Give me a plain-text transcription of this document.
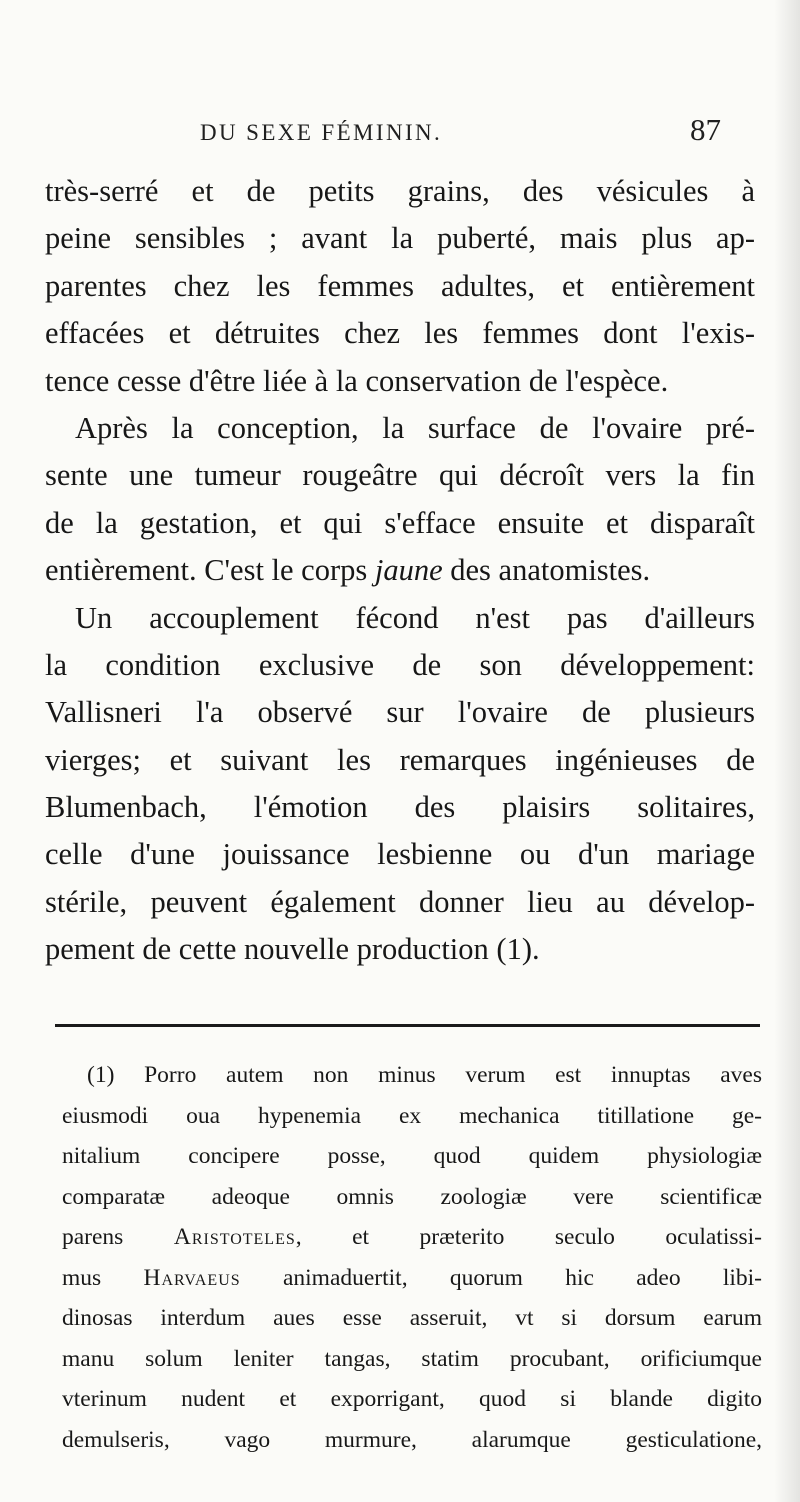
DU SEXE FÉMININ.	87
très-serré et de petits grains, des vésicules à
peine sensibles ; avant la puberté, mais plus ap-
parentes chez les femmes adultes, et entièrement
effacées et détruites chez les femmes dont l'exis-
tence cesse d'être liée à la conservation de l'espèce.
Après la conception, la surface de l'ovaire pré-
sente une tumeur rougeâtre qui décroît vers la fin
de la gestation, et qui s'efface ensuite et disparaît
entièrement. C'est le corps jaune des anatomistes.
Un accouplement fécond n'est pas d'ailleurs
la condition exclusive de son développement:
Vallisneri l'a observé sur l'ovaire de plusieurs
vierges; et suivant les remarques ingénieuses de
Blumenbach, l'émotion des plaisirs solitaires,
celle d'une jouissance lesbienne ou d'un mariage
stérile, peuvent également donner lieu au dévelop-
pement de cette nouvelle production (1).
(1) Porro autem non minus verum est innuptas aves
eiusmodi oua hypenemia ex mechanica titillatione ge-
nitalium concipere posse, quod quidem physiologiæ
comparatæ adeoque omnis zoologiæ vere scientificæ
parens Aristoteles, et præterito seculo oculatissi-
mus Harvaeus animaduertit, quorum hic adeo libi-
dinosas interdum aues esse asseruit, vt si dorsum earum
manu solum leniter tangas, statim procubant, orificiumque
vterinum nudent et exporrigant, quod si blande digito
demulseris, vago murmure, alarumque gesticulatione,
